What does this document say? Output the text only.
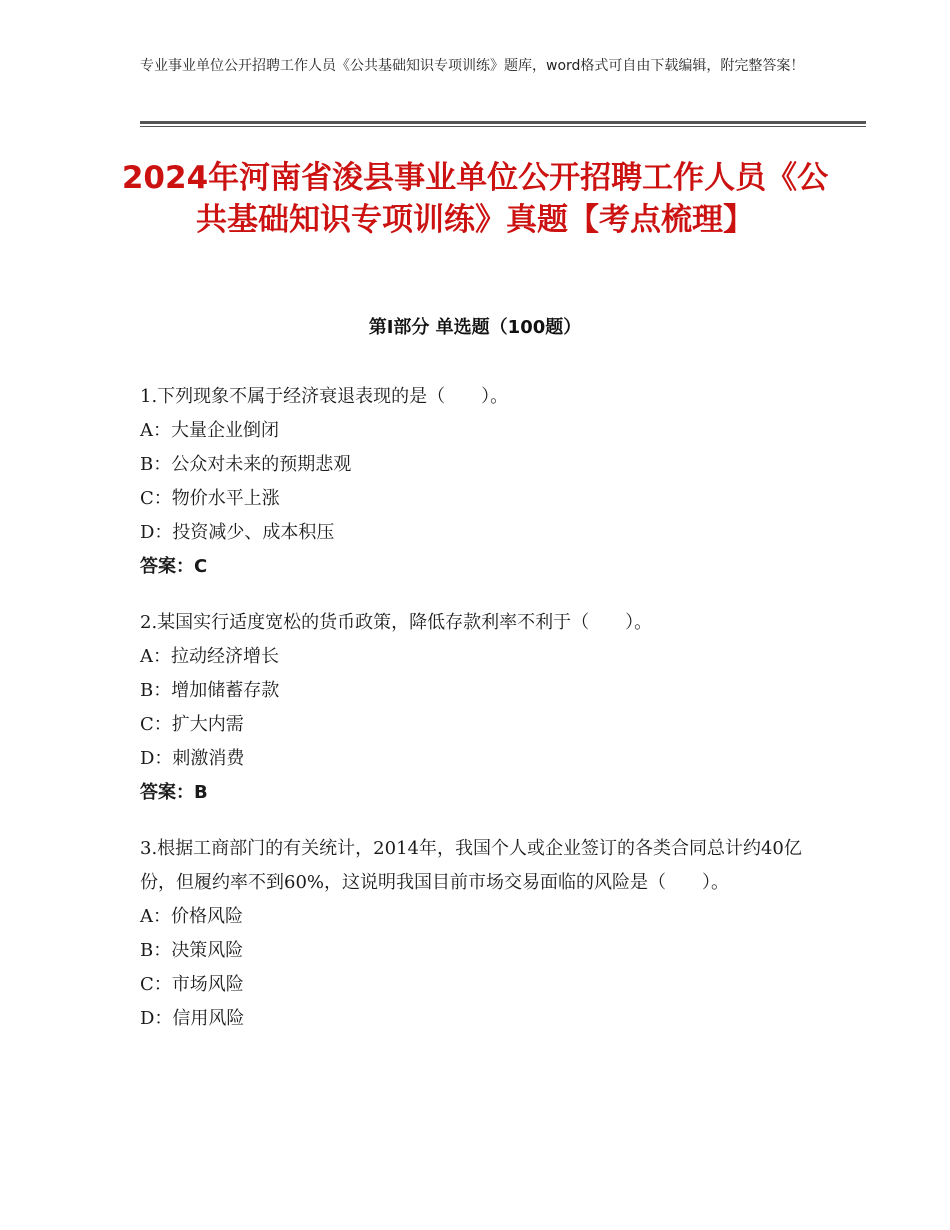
专业事业单位公开招聘工作人员《公共基础知识专项训练》题库，word格式可自由下载编辑，附完整答案！
2024年河南省浚县事业单位公开招聘工作人员《公共基础知识专项训练》真题【考点梳理】
第Ⅰ部分 单选题（100题）
1.下列现象不属于经济衰退表现的是（　　）。
A：大量企业倒闭
B：公众对未来的预期悲观
C：物价水平上涨
D：投资减少、成本积压
答案：C
2.某国实行适度宽松的货币政策，降低存款利率不利于（　　）。
A：拉动经济增长
B：增加储蓄存款
C：扩大内需
D：刺激消费
答案：B
3.根据工商部门的有关统计，2014年，我国个人或企业签订的各类合同总计约40亿份，但履约率不到60%，这说明我国目前市场交易面临的风险是（　　）。
A：价格风险
B：决策风险
C：市场风险
D：信用风险
